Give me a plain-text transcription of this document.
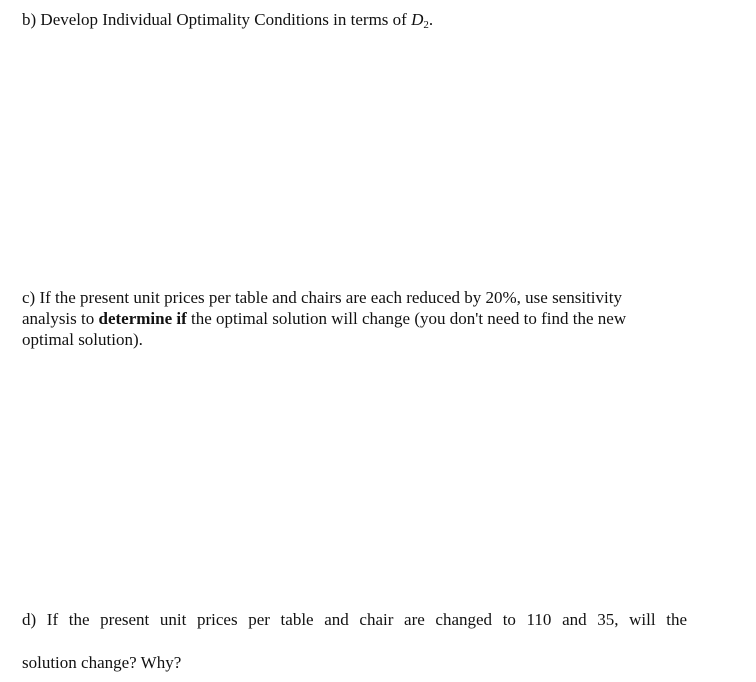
b) Develop Individual Optimality Conditions in terms of $D_2$.

c) If the present unit prices per table and chairs are each reduced by 20%, use sensitivity
analysis to determine if the optimal solution will change (you don't need to find the new
optimal solution).

d) If the present unit prices per table and chair are changed to 110 and 35, will the

solution change? Why?
